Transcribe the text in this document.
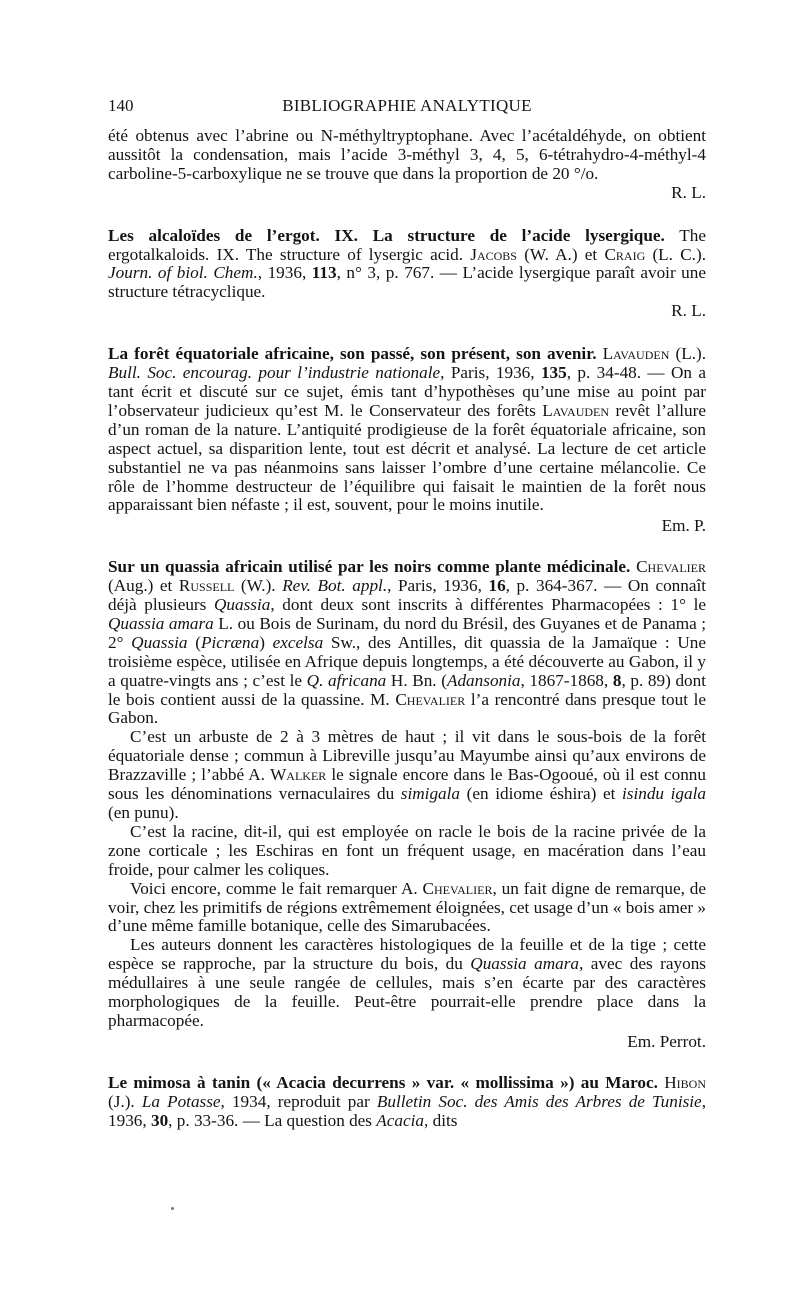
140	BIBLIOGRAPHIE ANALYTIQUE

été obtenus avec l’abrine ou N-méthyltryptophane. Avec l’acétaldéhyde, on obtient aussitôt la condensation, mais l’acide 3-méthyl 3, 4, 5, 6-tétrahydro-4-méthyl-4 carboline-5-carboxylique ne se trouve que dans la proportion de 20 °/o.

R. L.

Les alcaloïdes de l’ergot. IX. La structure de l’acide lysergique. The ergotalkaloids. IX. The structure of lysergic acid. Jacobs (W. A.) et Craig (L. C.). Journ. of biol. Chem., 1936, 113, n° 3, p. 767. — L’acide lysergique paraît avoir une structure tétracyclique.

R. L.

La forêt équatoriale africaine, son passé, son présent, son avenir. Lavauden (L.). Bull. Soc. encourag. pour l’industrie nationale, Paris, 1936, 135, p. 34-48. — On a tant écrit et discuté sur ce sujet, émis tant d’hypothèses qu’une mise au point par l’observateur judicieux qu’est M. le Conservateur des forêts Lavauden revêt l’allure d’un roman de la nature. L’antiquité prodigieuse de la forêt équatoriale africaine, son aspect actuel, sa disparition lente, tout est décrit et analysé. La lecture de cet article substantiel ne va pas néanmoins sans laisser l’ombre d’une certaine mélancolie. Ce rôle de l’homme destructeur de l’équilibre qui faisait le maintien de la forêt nous apparaissant bien néfaste ; il est, souvent, pour le moins inutile.

Em. P.

Sur un quassia africain utilisé par les noirs comme plante médicinale. Chevalier (Aug.) et Russell (W.). Rev. Bot. appl., Paris, 1936, 16, p. 364-367. — On connaît déjà plusieurs Quassia, dont deux sont inscrits à différentes Pharmacopées : 1° le Quassia amara L. ou Bois de Surinam, du nord du Brésil, des Guyanes et de Panama ; 2° Quassia (Picræna) excelsa Sw., des Antilles, dit quassia de la Jamaïque : Une troisième espèce, utilisée en Afrique depuis longtemps, a été découverte au Gabon, il y a quatre-vingts ans ; c’est le Q. africana H. Bn. (Adansonia, 1867-1868, 8, p. 89) dont le bois contient aussi de la quassine. M. Chevalier l’a rencontré dans presque tout le Gabon.

C’est un arbuste de 2 à 3 mètres de haut ; il vit dans le sous-bois de la forêt équatoriale dense ; commun à Libreville jusqu’au Mayumbe ainsi qu’aux environs de Brazzaville ; l’abbé A. Walker le signale encore dans le Bas-Ogooué, où il est connu sous les dénominations vernaculaires du simigala (en idiome éshira) et isindu igala (en punu).

C’est la racine, dit-il, qui est employée on racle le bois de la racine privée de la zone corticale ; les Eschiras en font un fréquent usage, en macération dans l’eau froide, pour calmer les coliques.

Voici encore, comme le fait remarquer A. Chevalier, un fait digne de remarque, de voir, chez les primitifs de régions extrêmement éloignées, cet usage d’un « bois amer » d’une même famille botanique, celle des Simarubacées.

Les auteurs donnent les caractères histologiques de la feuille et de la tige ; cette espèce se rapproche, par la structure du bois, du Quassia amara, avec des rayons médullaires à une seule rangée de cellules, mais s’en écarte par des caractères morphologiques de la feuille. Peut-être pourrait-elle prendre place dans la pharmacopée.

Em. Perrot.

Le mimosa à tanin (« Acacia decurrens » var. « mollissima ») au Maroc. Hibon (J.). La Potasse, 1934, reproduit par Bulletin Soc. des Amis des Arbres de Tunisie, 1936, 30, p. 33-36. — La question des Acacia, dits
